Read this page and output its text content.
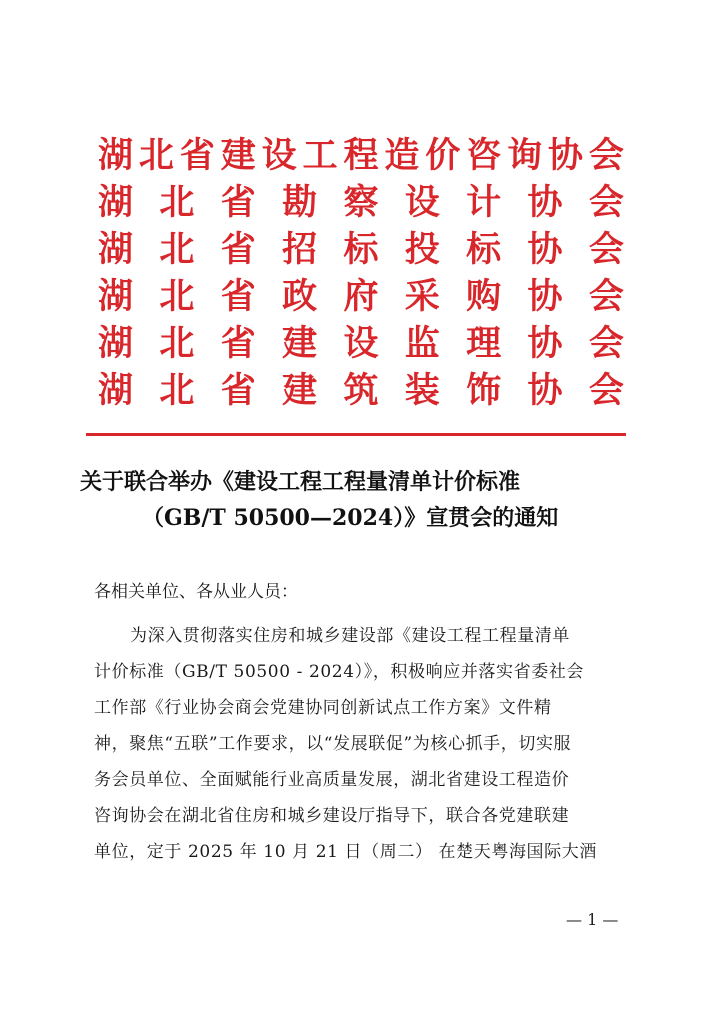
湖 北 省 建 设 工 程 造 价 咨 询 协 会
湖 北 省 勘 察 设 计 协 会
湖 北 省 招 标 投 标 协 会
湖 北 省 政 府 采 购 协 会
湖 北 省 建 设 监 理 协 会
湖 北 省 建 筑 装 饰 协 会
关于联合举办《建设工程工程量清单计价标准
（GB/T 50500—2024）》宣贯会的通知
各相关单位、各从业人员：
为深入贯彻落实住房和城乡建设部《建设工程工程量清单
计价标准（GB/T 50500 - 2024）》，积极响应并落实省委社会
工作部《行业协会商会党建协同创新试点工作方案》文件精
神，聚焦“五联”工作要求，以“发展联促”为核心抓手，切实服
务会员单位、全面赋能行业高质量发展，湖北省建设工程造价
咨询协会在湖北省住房和城乡建设厅指导下，联合各党建联建
单位，定于 2025 年 10 月 21 日（周二） 在楚天粤海国际大酒
— 1 —
